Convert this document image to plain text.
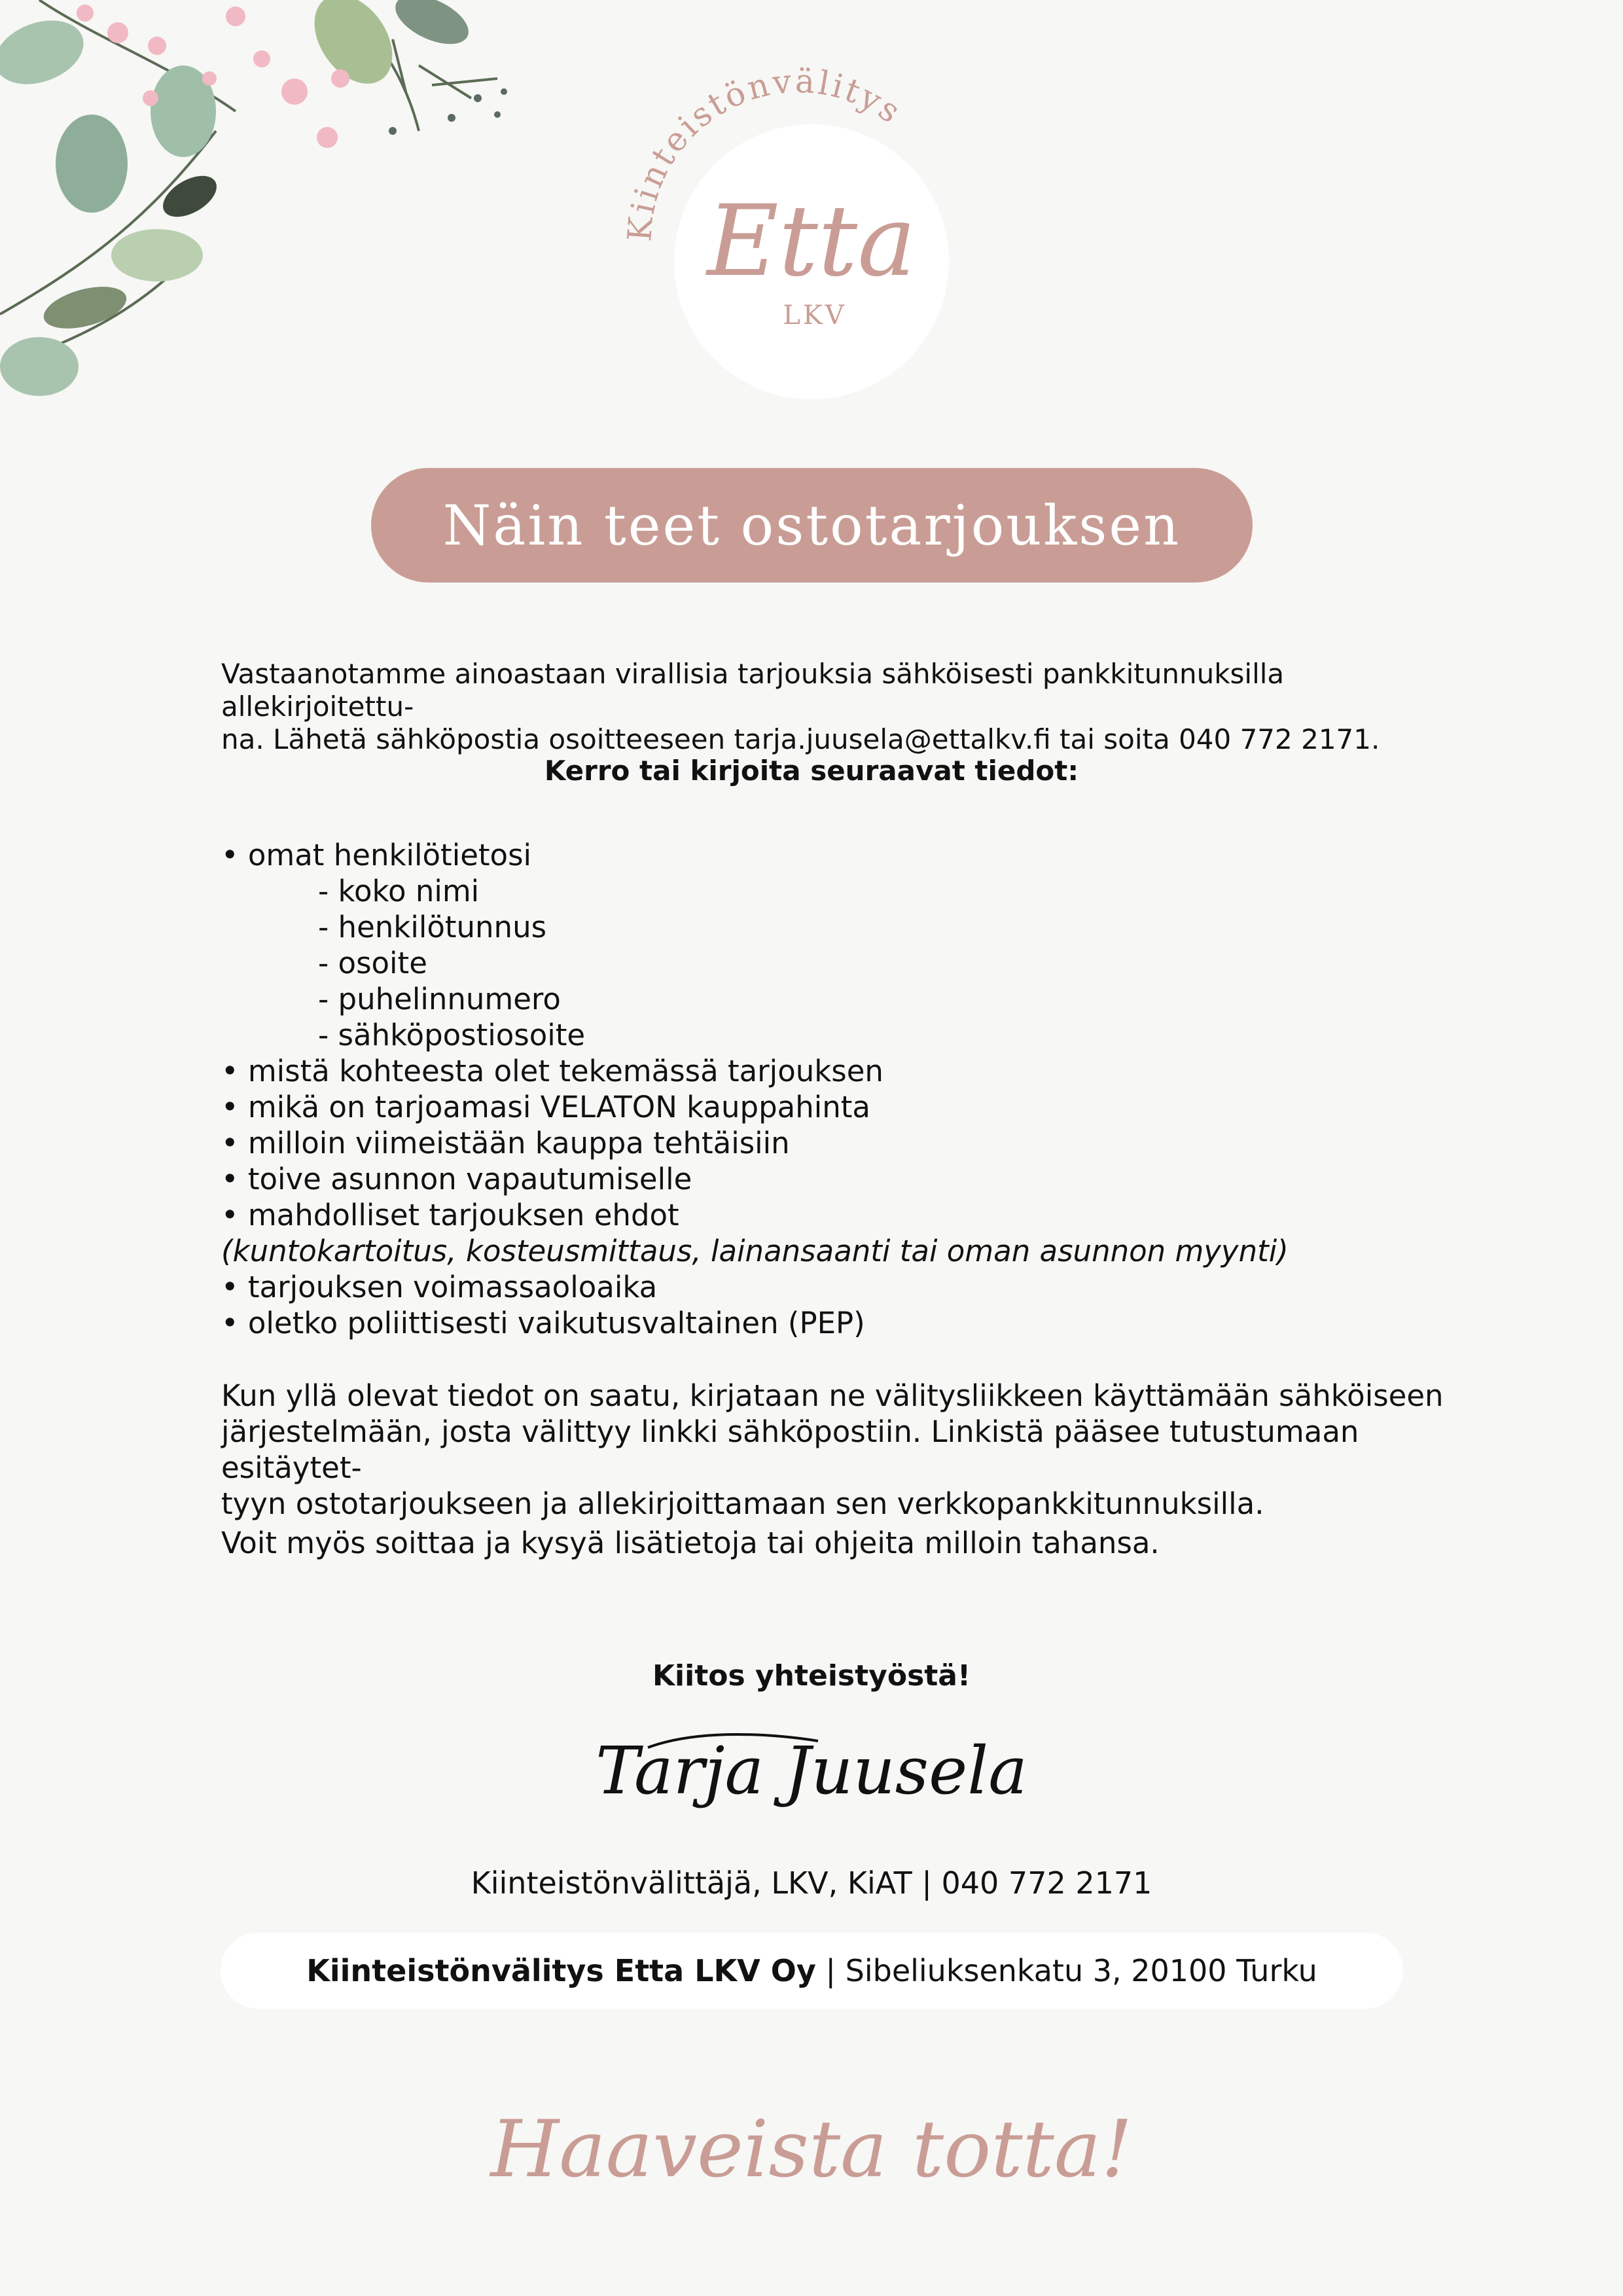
Kiinteistönvälitys
Etta
LKV
Näin teet ostotarjouksen
Vastaanotamme ainoastaan virallisia tarjouksia sähköisesti pankkitunnuksilla allekirjoitettu-
na. Lähetä sähköpostia osoitteeseen tarja.juusela@ettalkv.fi tai soita 040 772 2171.

Kerro tai kirjoita seuraavat tiedot:

• omat henkilötietosi
- koko nimi
- henkilötunnus
- osoite
- puhelinnumero
- sähköpostiosoite
• mistä kohteesta olet tekemässä tarjouksen
• mikä on tarjoamasi VELATON kauppahinta
• milloin viimeistään kauppa tehtäisiin
• toive asunnon vapautumiselle
• mahdolliset tarjouksen ehdot
(kuntokartoitus, kosteusmittaus, lainansaanti tai oman asunnon myynti)
• tarjouksen voimassaoloaika
• oletko poliittisesti vaikutusvaltainen (PEP)
Kun yllä olevat tiedot on saatu, kirjataan ne välitysliikkeen käyttämään sähköiseen
järjestelmään, josta välittyy linkki sähköpostiin. Linkistä pääsee tutustumaan esitäytet-
tyyn ostotarjoukseen ja allekirjoittamaan sen verkkopankkitunnuksilla.
Voit myös soittaa ja kysyä lisätietoja tai ohjeita milloin tahansa.
Kiitos yhteistyöstä!
Tarja Juusela
Kiinteistönvälittäjä, LKV, KiAT | 040 772 2171
Kiinteistönvälitys Etta LKV Oy | Sibeliuksenkatu 3, 20100 Turku
Haaveista totta!
